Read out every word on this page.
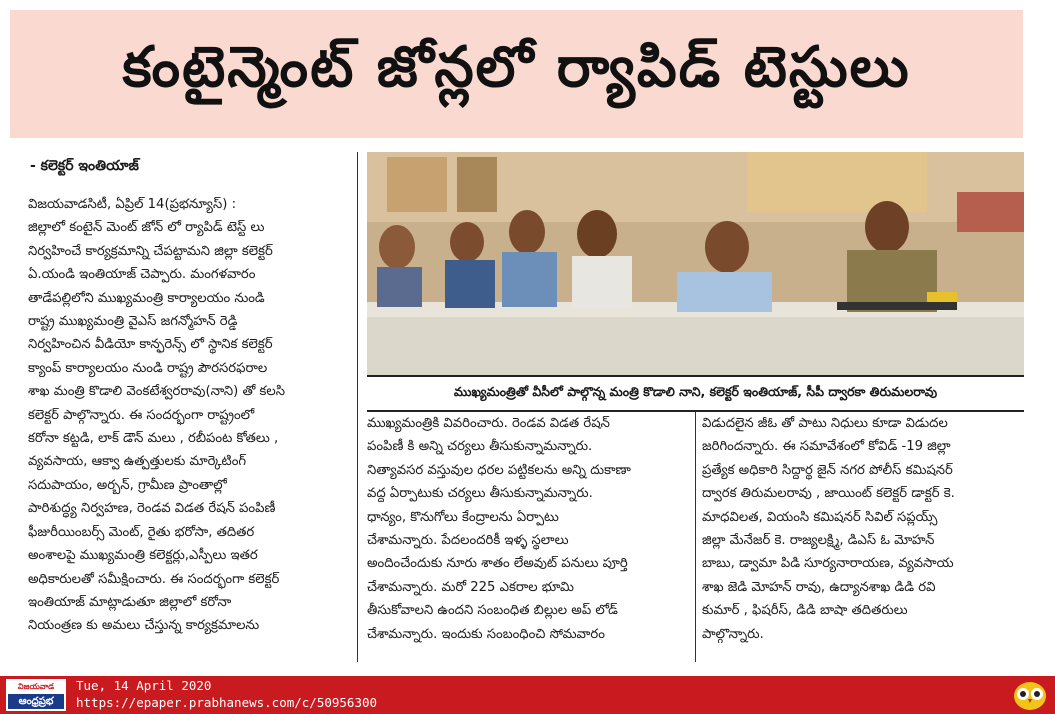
కంటైన్మెంట్ జోన్లలో ర్యాపిడ్ టెస్టులు
- కలెక్టర్ ఇంతియాజ్

విజయవాడసిటీ, ఏప్రిల్ 14(ప్రభన్యూస్) :

జిల్లాలో కంటైన్ మెంట్ జోన్ లో ర్యాపిడ్ టెస్ట్ లు

నిర్వహించే కార్యక్రమాన్ని చేపట్టామని జిల్లా కలెక్టర్

ఏ.యండి ఇంతియాజ్ చెప్పారు. మంగళవారం

తాడేపల్లిలోని ముఖ్యమంత్రి కార్యాలయం నుండి

రాష్ట్ర ముఖ్యమంత్రి వైఎస్ జగన్మోహన్ రెడ్డి

నిర్వహించిన వీడియో కాన్ఫరెన్స్ లో స్థానిక కలెక్టర్

క్యాంప్ కార్యాలయం నుండి రాష్ట్ర పౌరసరఫరాల

శాఖ మంత్రి కొడాలి వెంకటేశ్వరరావు(నాని) తో కలసి

కలెక్టర్ పాల్గొన్నారు. ఈ సందర్భంగా రాష్ట్రంలో

కరోనా కట్టడి, లాక్ డౌన్ మలు , రబీపంట కోతలు ,

వ్యవసాయ, ఆక్వా ఉత్పత్తులకు మార్కెటింగ్

సదుపాయం, అర్బన్, గ్రామీణ ప్రాంతాల్లో

పారిశుద్ధ్య నిర్వహణ, రెండవ విడత రేషన్ పంపిణీ

ఫీజురీయింబర్స్ మెంట్, రైతు భరోసా, తదితర

అంశాలపై ముఖ్యమంత్రి కలెక్టర్లు,ఎస్పీలు ఇతర

అధికారులతో సమీక్షించారు. ఈ సందర్భంగా కలెక్టర్

ఇంతియాజ్ మాట్లాడుతూ జిల్లాలో కరోనా

నియంత్రణ కు అమలు చేస్తున్న కార్యక్రమాలను

ముఖ్యమంత్రితో వీసీలో పాల్గొన్న మంత్రి కొడాలి నాని, కలెక్టర్ ఇంతియాజ్, సీపీ ద్వారకా తిరుమలరావు

ముఖ్యమంత్రికి వివరించారు. రెండవ విడత రేషన్

పంపిణీ కి అన్ని చర్యలు తీసుకున్నామన్నారు.

నిత్యావసర వస్తువుల ధరల పట్టికలను అన్ని దుకాణా

వద్ద ఏర్పాటుకు చర్యలు తీసుకున్నామన్నారు.

ధాన్యం, కొనుగోలు కేంద్రాలను ఏర్పాటు

చేశామన్నారు. పేదలందరికీ ఇళ్ళ స్థలాలు

అందించేందుకు నూరు శాతం లేఅవుట్ పనులు పూర్తి

చేశామన్నారు. మరో 225 ఎకరాల భూమి

తీసుకోవాలని ఉందని సంబంధిత బిల్లుల అప్ లోడ్

చేశామన్నారు. ఇందుకు సంబంధించి సోమవారం

విడుదలైన జీఓ తో పాటు నిధులు కూడా విడుదల

జరిగిందన్నారు. ఈ సమావేశంలో కోవిడ్ -19 జిల్లా

ప్రత్యేక అధికారి సిద్దార్థ జైన్ నగర పోలీస్ కమిషనర్

ద్వారక తిరుమలరావు , జాయింట్ కలెక్టర్ డాక్టర్ కె.

మాధవిలత, వియంసి కమిషనర్ సివిల్ సప్లయ్స్

జిల్లా మేనేజర్ కె. రాజ్యలక్ష్మి, డిఎస్ ఓ మోహన్

బాబు, డ్వామా పిడి సూర్యనారాయణ, వ్యవసాయ

శాఖ జెడి మోహన్ రావు, ఉద్యానశాఖ డిడి రవి

కుమార్ , ఫిషరీస్, డిడి బాషా తదితరులు

పాల్గొన్నారు.

విజయవాడ
ఆంధ్రప్రభ
Tue, 14 April 2020
https://epaper.prabhanews.com/c/50956300
